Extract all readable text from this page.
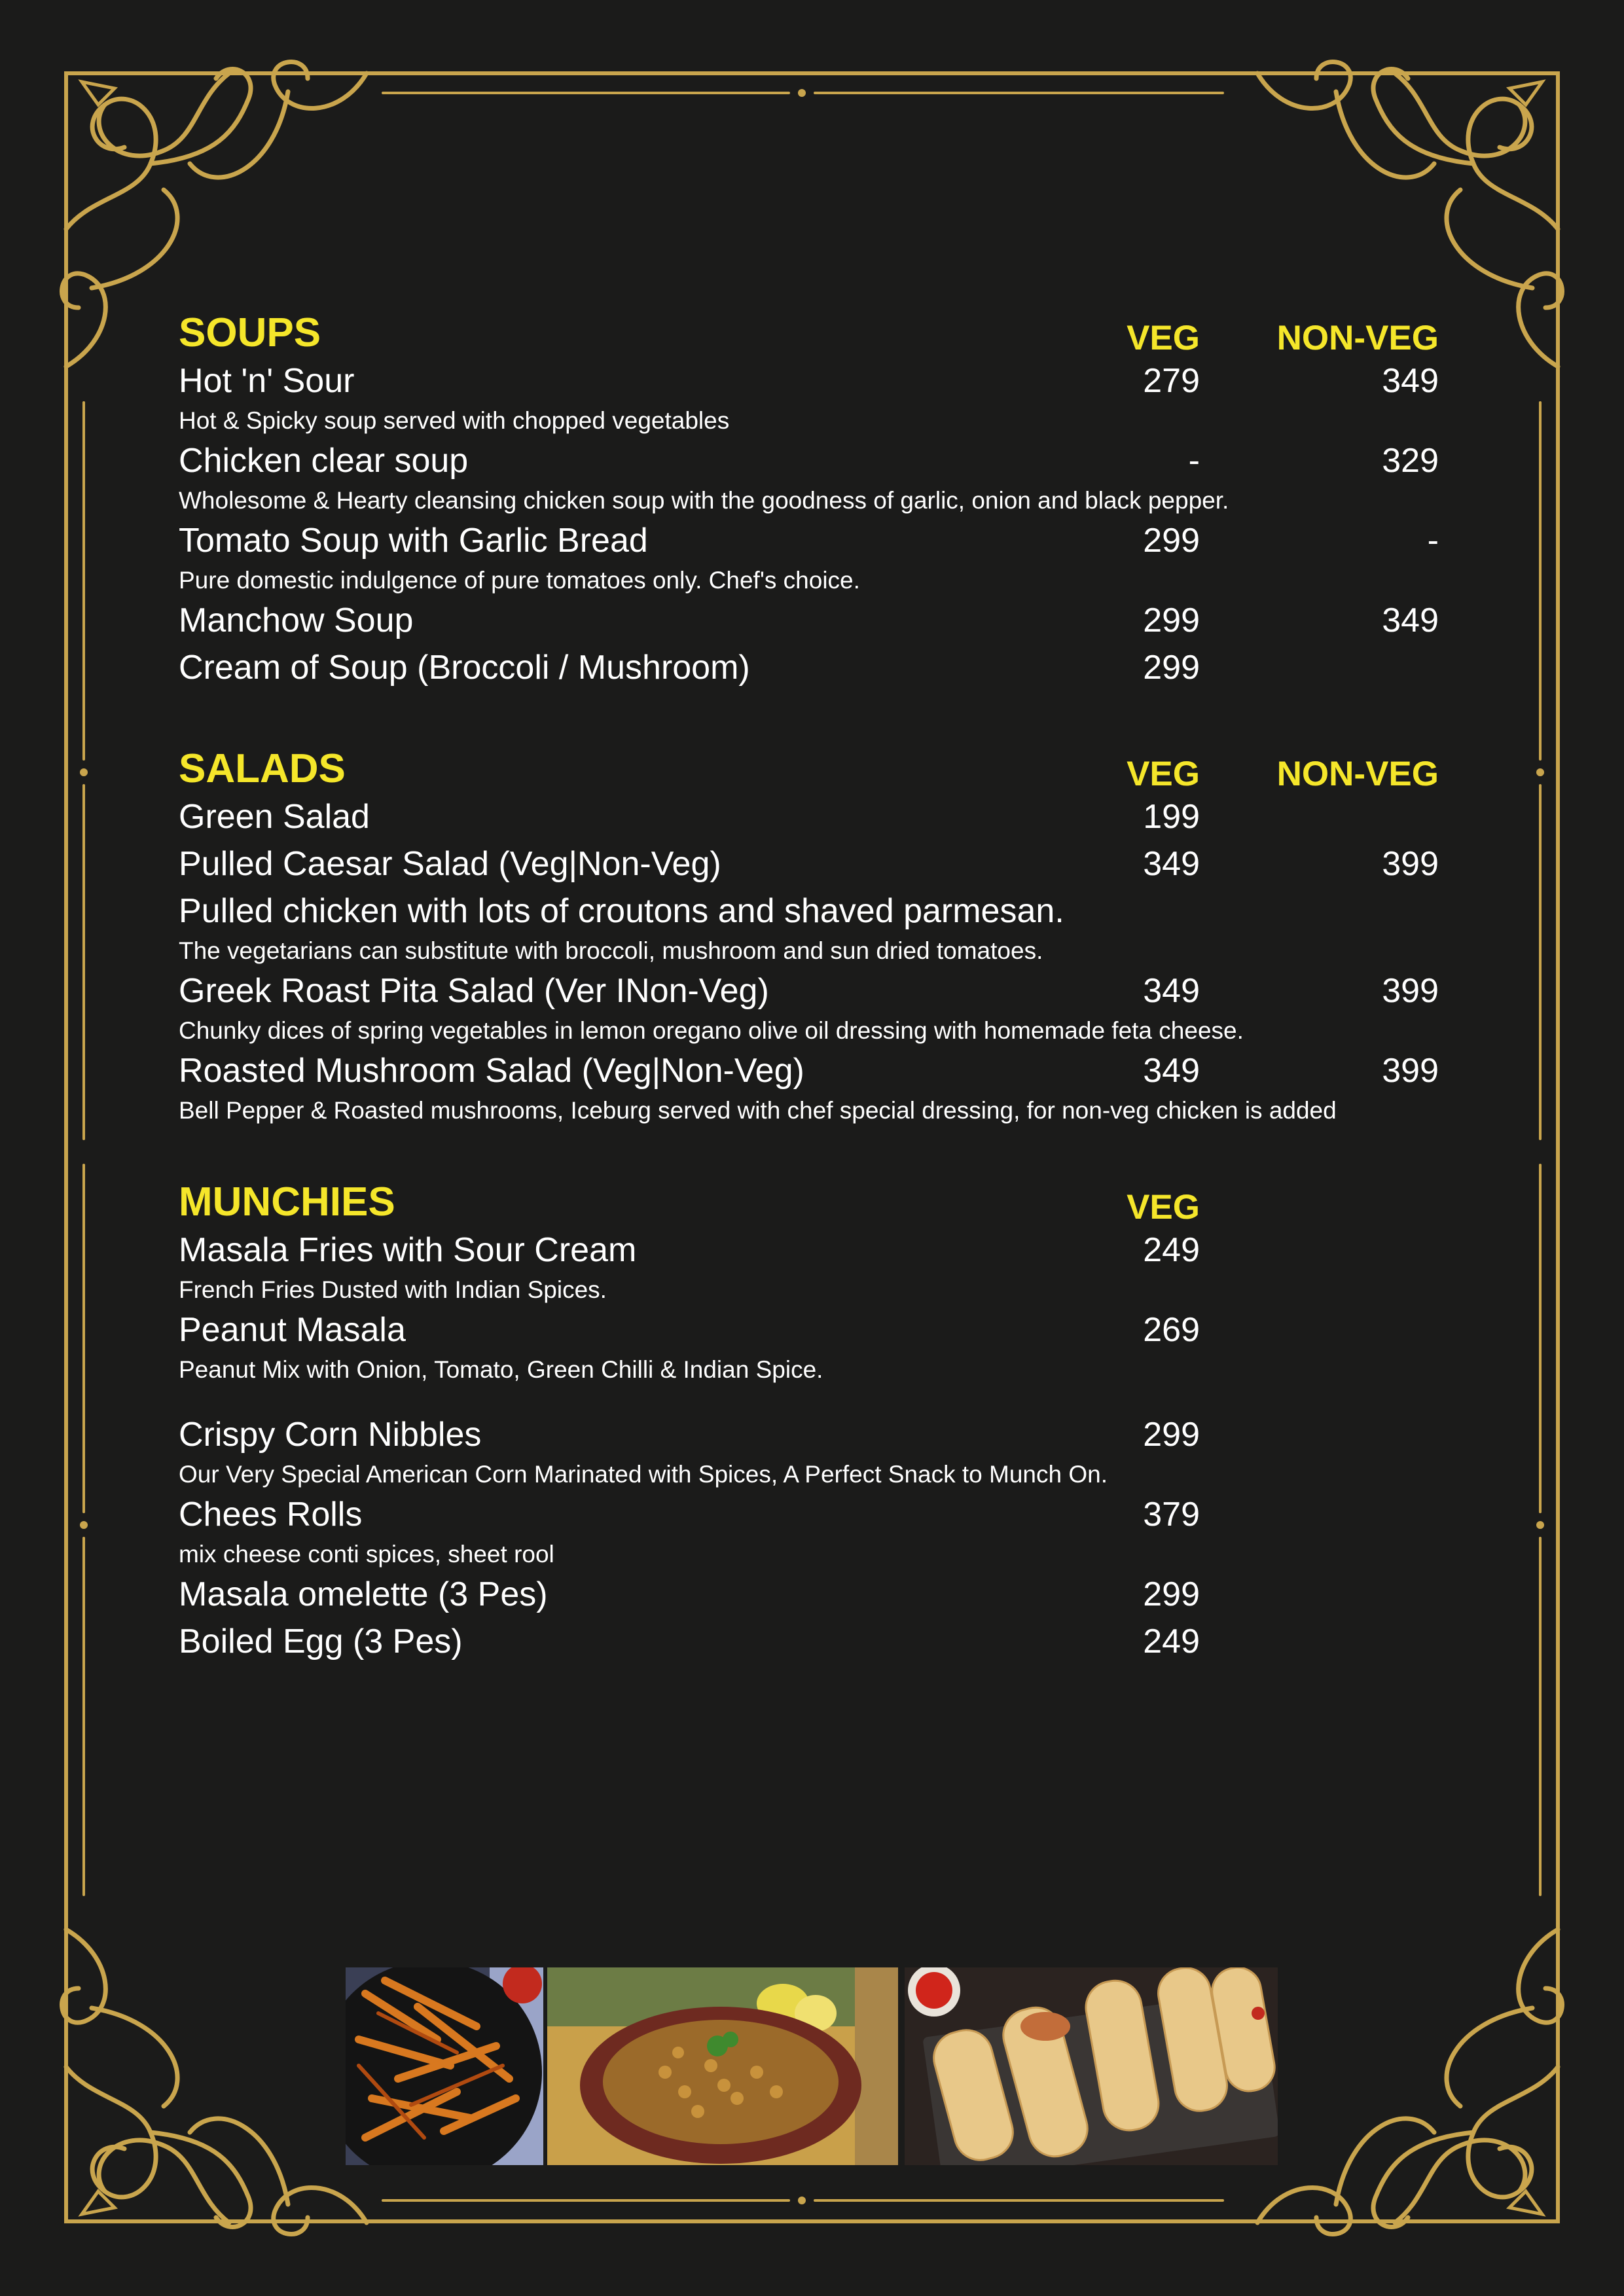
SOUPS	VEG	NON-VEG
Hot 'n' Sour	279	349
Hot & Spicky soup served with chopped vegetables
Chicken clear soup	-	329
Wholesome & Hearty cleansing chicken soup with the goodness of garlic, onion and black pepper.
Tomato Soup with Garlic Bread	299	-
Pure domestic indulgence of pure tomatoes only. Chef's choice.
Manchow Soup	299	349
Cream of Soup (Broccoli / Mushroom)	299
SALADS	VEG	NON-VEG
Green Salad	199
Pulled Caesar Salad (Veg|Non-Veg)	349	399
Pulled chicken with lots of croutons and shaved parmesan.
The vegetarians can substitute with broccoli, mushroom and sun dried tomatoes.
Greek Roast Pita Salad (Ver INon-Veg)	349	399
Chunky dices of spring vegetables in lemon oregano olive oil dressing with homemade feta cheese.
Roasted Mushroom Salad (Veg|Non-Veg)	349	399
Bell Pepper & Roasted mushrooms, Iceburg served with chef special dressing, for non-veg chicken is added
MUNCHIES	VEG
Masala Fries with Sour Cream	249
French Fries Dusted with Indian Spices.
Peanut Masala	269
Peanut Mix with Onion, Tomato, Green Chilli & Indian Spice.
Crispy Corn Nibbles	299
Our Very Special American Corn Marinated with Spices, A Perfect Snack to Munch On.
Chees Rolls	379
mix cheese conti spices, sheet rool
Masala omelette (3 Pes)	299
Boiled Egg (3 Pes)	249
